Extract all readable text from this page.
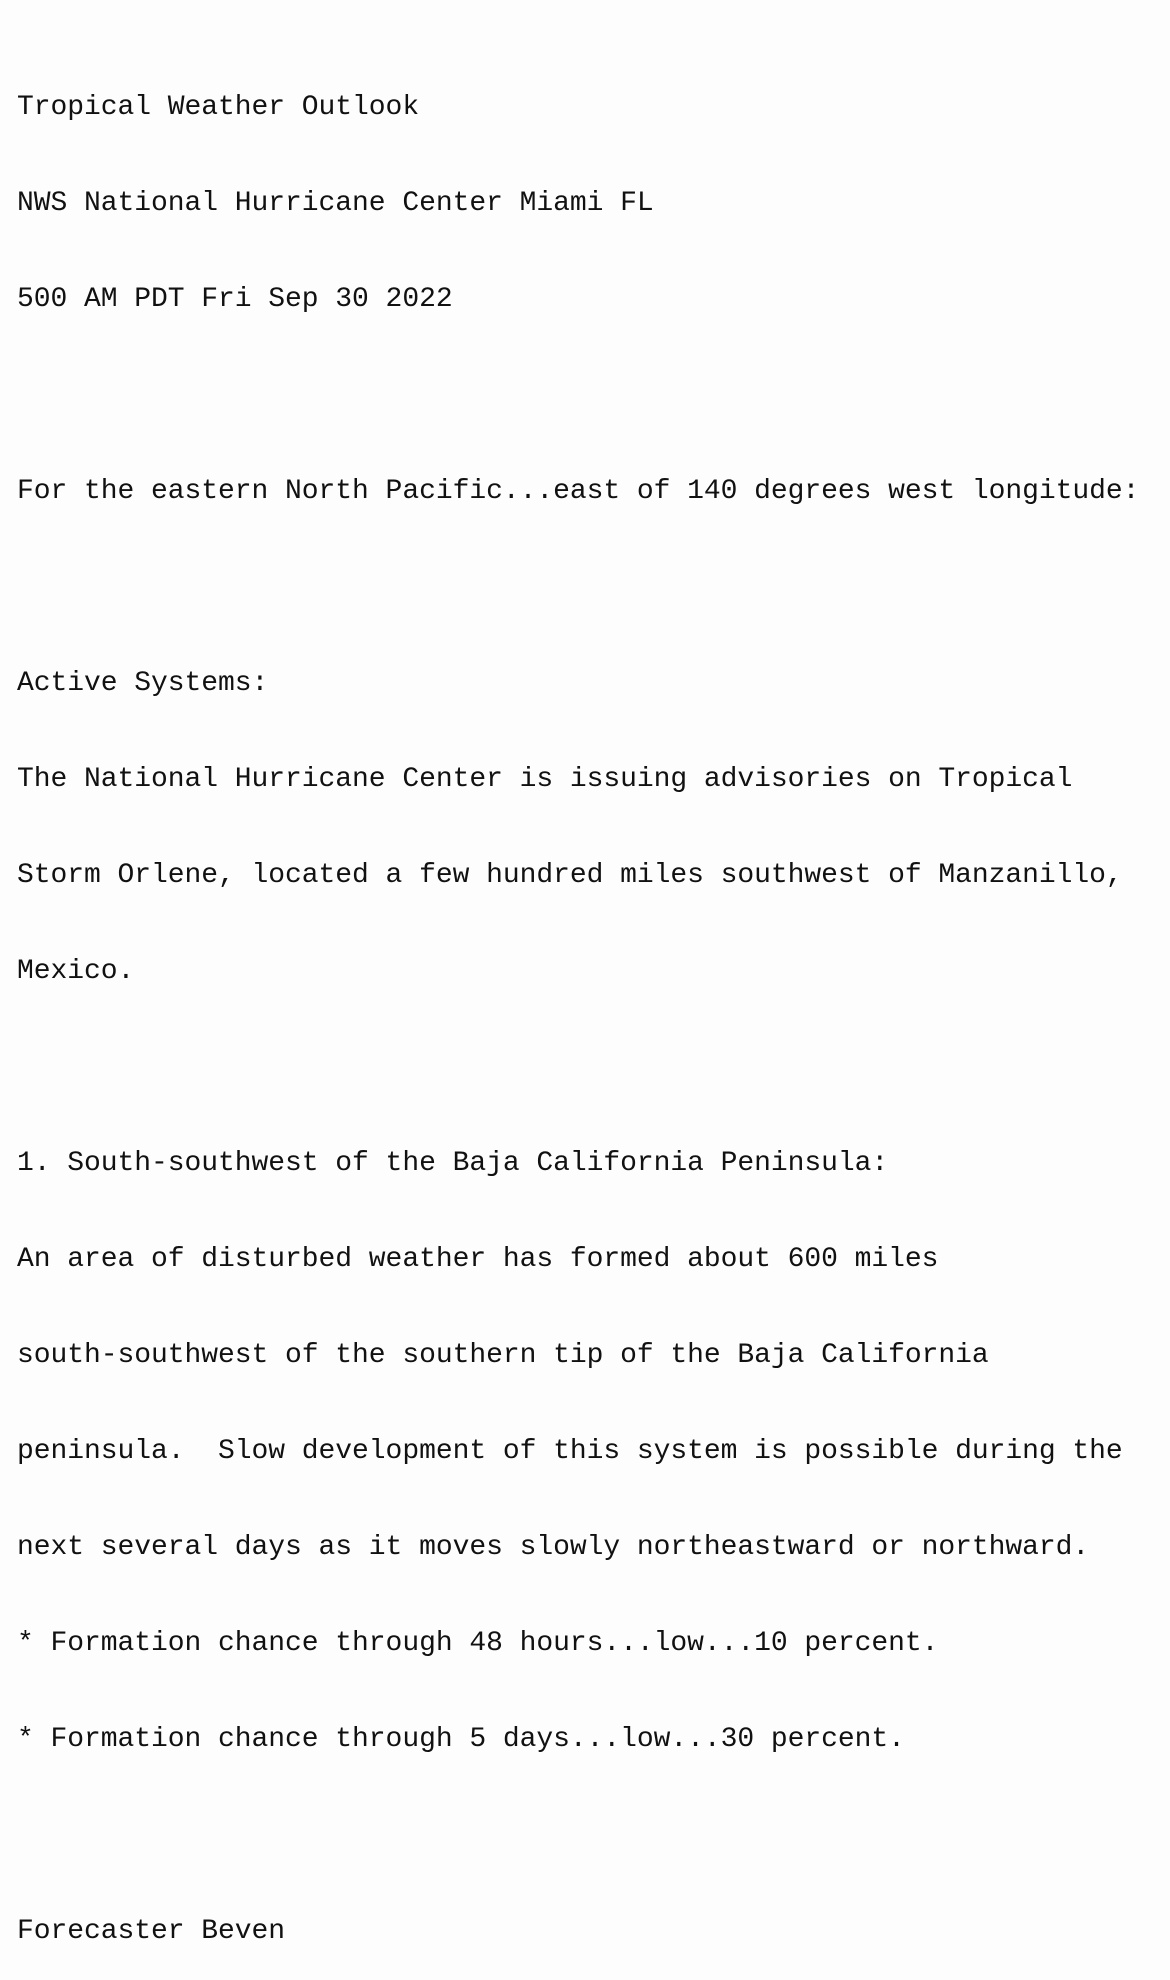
Tropical Weather Outlook

NWS National Hurricane Center Miami FL

500 AM PDT Fri Sep 30 2022

For the eastern North Pacific...east of 140 degrees west longitude:

Active Systems:

The National Hurricane Center is issuing advisories on Tropical

Storm Orlene, located a few hundred miles southwest of Manzanillo,

Mexico.

1. South-southwest of the Baja California Peninsula:

An area of disturbed weather has formed about 600 miles

south-southwest of the southern tip of the Baja California

peninsula.  Slow development of this system is possible during the

next several days as it moves slowly northeastward or northward.

* Formation chance through 48 hours...low...10 percent.

* Formation chance through 5 days...low...30 percent.

Forecaster Beven
